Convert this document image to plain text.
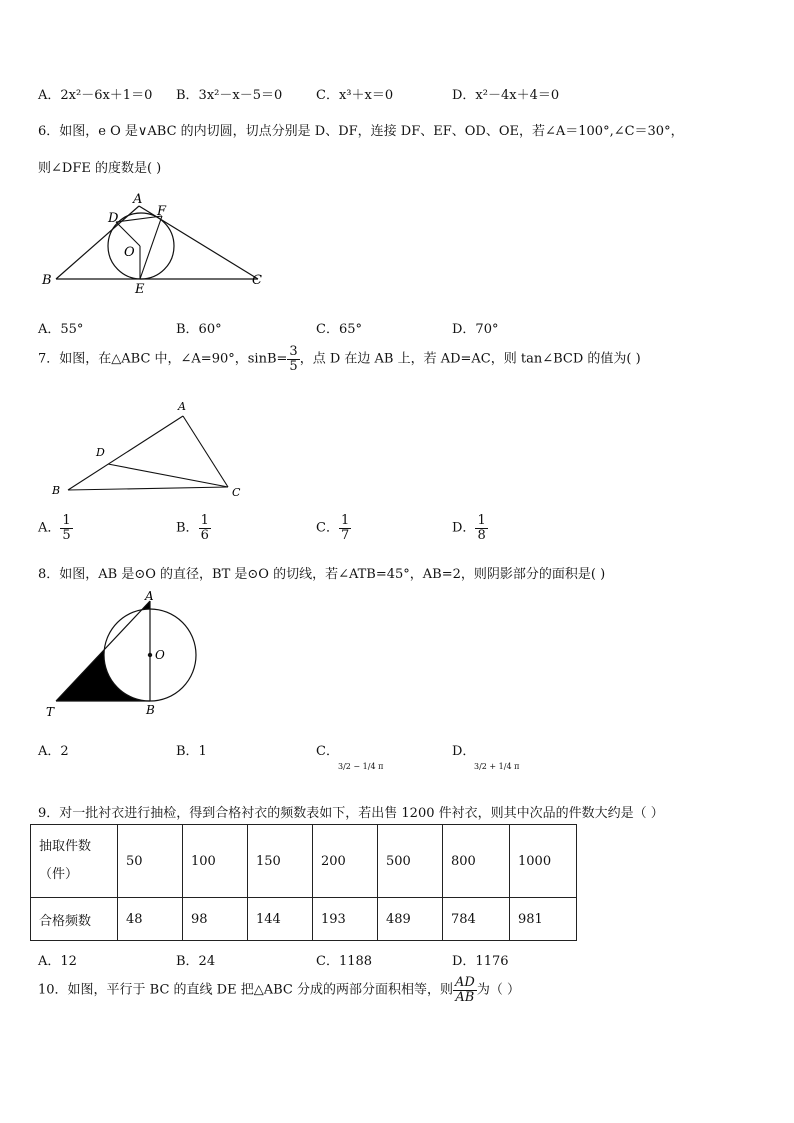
A．2x²－6x＋1＝0 B．3x²－x－5＝0	C．x³＋x＝0	D．x²－4x＋4＝0
6．如图，e O 是∨ABC 的内切圆，切点分别是 D、DF，连接 DF、EF、OD、OE，若∠A＝100°,∠C＝30°，
则∠DFE 的度数是( )
A
D	F
O
B
E
C
A．55°	B．60°	C．65°	D．70°
7．如图，在△ABC 中，∠A=90°，$\sin B= \frac{3}{5}$ ，点 D 在边 AB 上，若 AD=AC，则 tan∠BCD 的值为( )
A
D
B	C
A． $\frac{1}{5}$	B． $\frac{1}{6}$	C． $\frac{1}{7}$	D． $\frac{1}{8}$
8．如图，AB 是⊙O 的直径，BT 是⊙O 的切线，若∠ATB=45°，AB=2，则阴影部分的面积是( )
A
O
T	B
A．2	B．1	C．
3/2 − 1/4 π
D．
3/2 + 1/4 π
9．对一批衬衣进行抽检，得到合格衬衣的频数表如下，若出售 1200 件衬衣，则其中次品的件数大约是（ ）
抽取件数
（件）	50	100	150	200	500	800	1000
合格频数	48	98	144	193	489	784	981
A．12	B．24	C．1188	D．1176
10．如图，平行于 BC 的直线 DE 把△ABC 分成的两部分面积相等，则 $\frac{AD}{AB}$ 为（ ）
